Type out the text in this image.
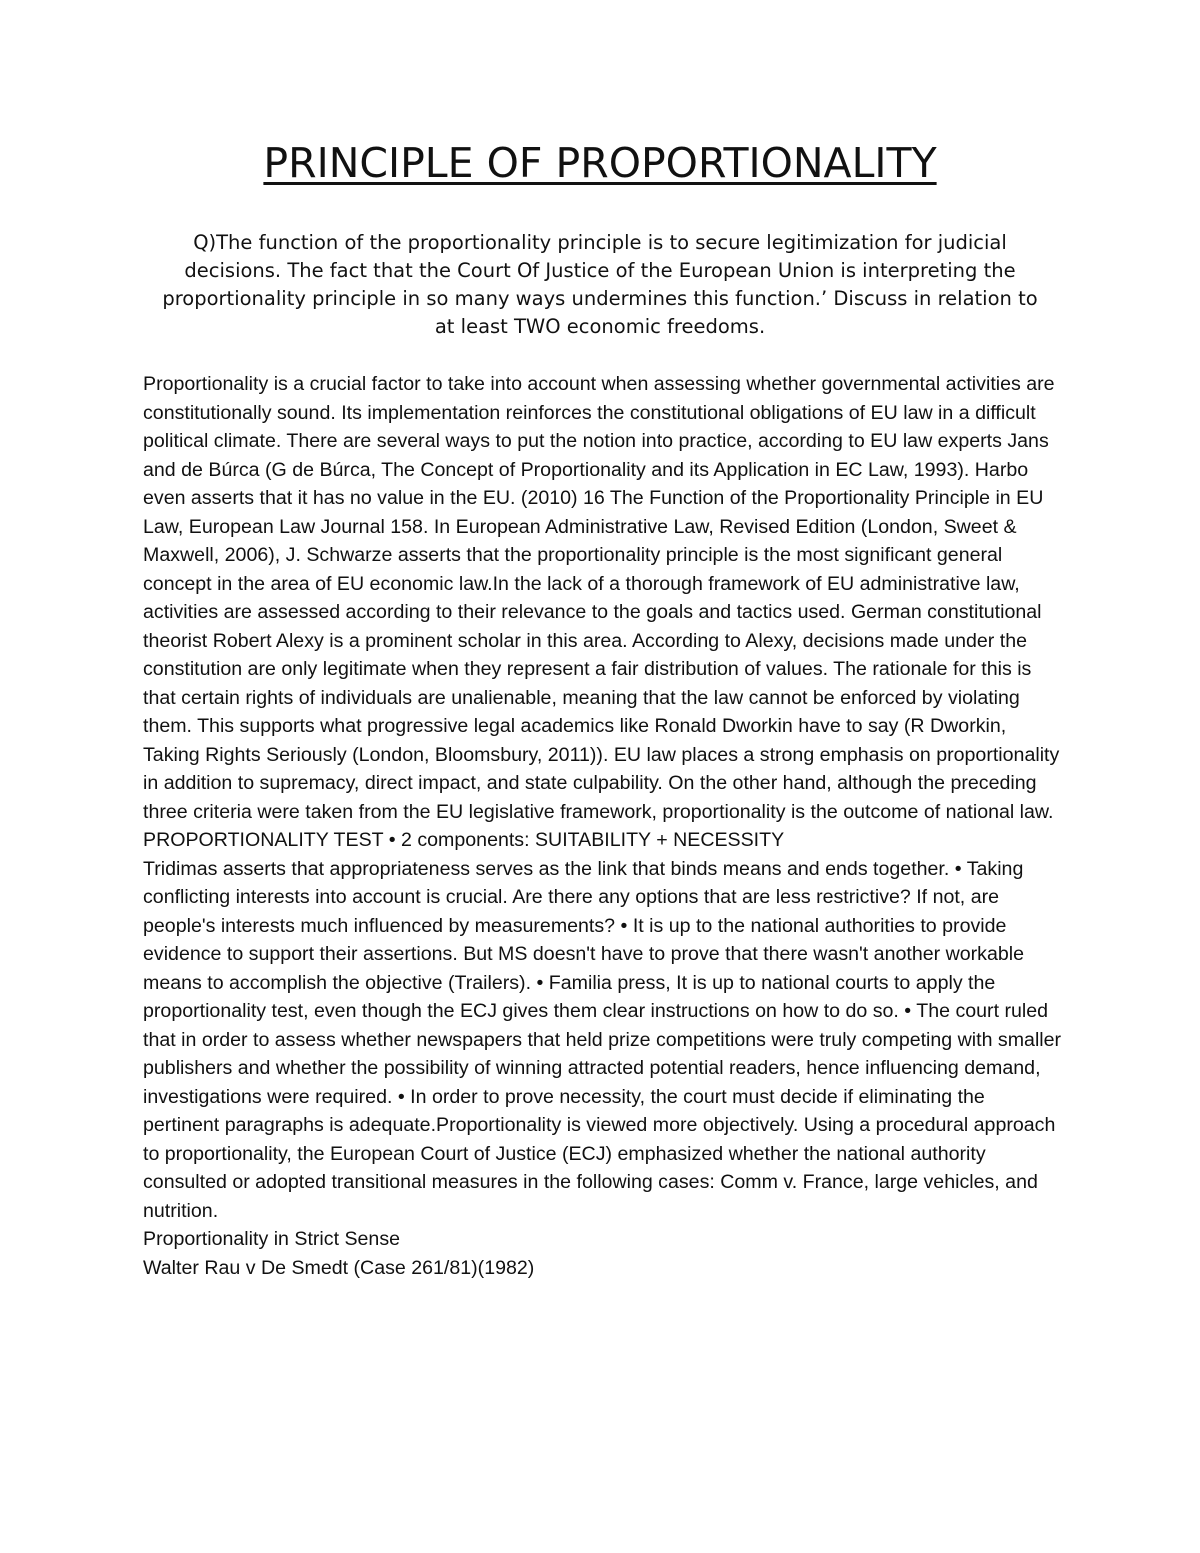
PRINCIPLE OF PROPORTIONALITY

Q)The function of the proportionality principle is to secure legitimization for judicial decisions. The fact that the Court Of Justice of the European Union is interpreting the proportionality principle in so many ways undermines this function.’ Discuss in relation to at least TWO economic freedoms.

Proportionality is a crucial factor to take into account when assessing whether governmental activities are constitutionally sound. Its implementation reinforces the constitutional obligations of EU law in a difficult political climate. There are several ways to put the notion into practice, according to EU law experts Jans and de Búrca (G de Búrca, The Concept of Proportionality and its Application in EC Law, 1993). Harbo even asserts that it has no value in the EU. (2010) 16 The Function of the Proportionality Principle in EU Law, European Law Journal 158. In European Administrative Law, Revised Edition (London, Sweet & Maxwell, 2006), J. Schwarze asserts that the proportionality principle is the most significant general concept in the area of EU economic law.In the lack of a thorough framework of EU administrative law, activities are assessed according to their relevance to the goals and tactics used. German constitutional theorist Robert Alexy is a prominent scholar in this area. According to Alexy, decisions made under the constitution are only legitimate when they represent a fair distribution of values. The rationale for this is that certain rights of individuals are unalienable, meaning that the law cannot be enforced by violating them. This supports what progressive legal academics like Ronald Dworkin have to say (R Dworkin, Taking Rights Seriously (London, Bloomsbury, 2011)). EU law places a strong emphasis on proportionality in addition to supremacy, direct impact, and state culpability. On the other hand, although the preceding three criteria were taken from the EU legislative framework, proportionality is the outcome of national law.

PROPORTIONALITY TEST • 2 components: SUITABILITY + NECESSITY

Tridimas asserts that appropriateness serves as the link that binds means and ends together. • Taking conflicting interests into account is crucial. Are there any options that are less restrictive? If not, are people's interests much influenced by measurements? • It is up to the national authorities to provide evidence to support their assertions. But MS doesn't have to prove that there wasn't another workable means to accomplish the objective (Trailers). • Familia press, It is up to national courts to apply the proportionality test, even though the ECJ gives them clear instructions on how to do so. • The court ruled that in order to assess whether newspapers that held prize competitions were truly competing with smaller publishers and whether the possibility of winning attracted potential readers, hence influencing demand, investigations were required. • In order to prove necessity, the court must decide if eliminating the pertinent paragraphs is adequate.Proportionality is viewed more objectively. Using a procedural approach to proportionality, the European Court of Justice (ECJ) emphasized whether the national authority consulted or adopted transitional measures in the following cases: Comm v. France, large vehicles, and nutrition.

Proportionality in Strict Sense

Walter Rau v De Smedt (Case 261/81)(1982)
